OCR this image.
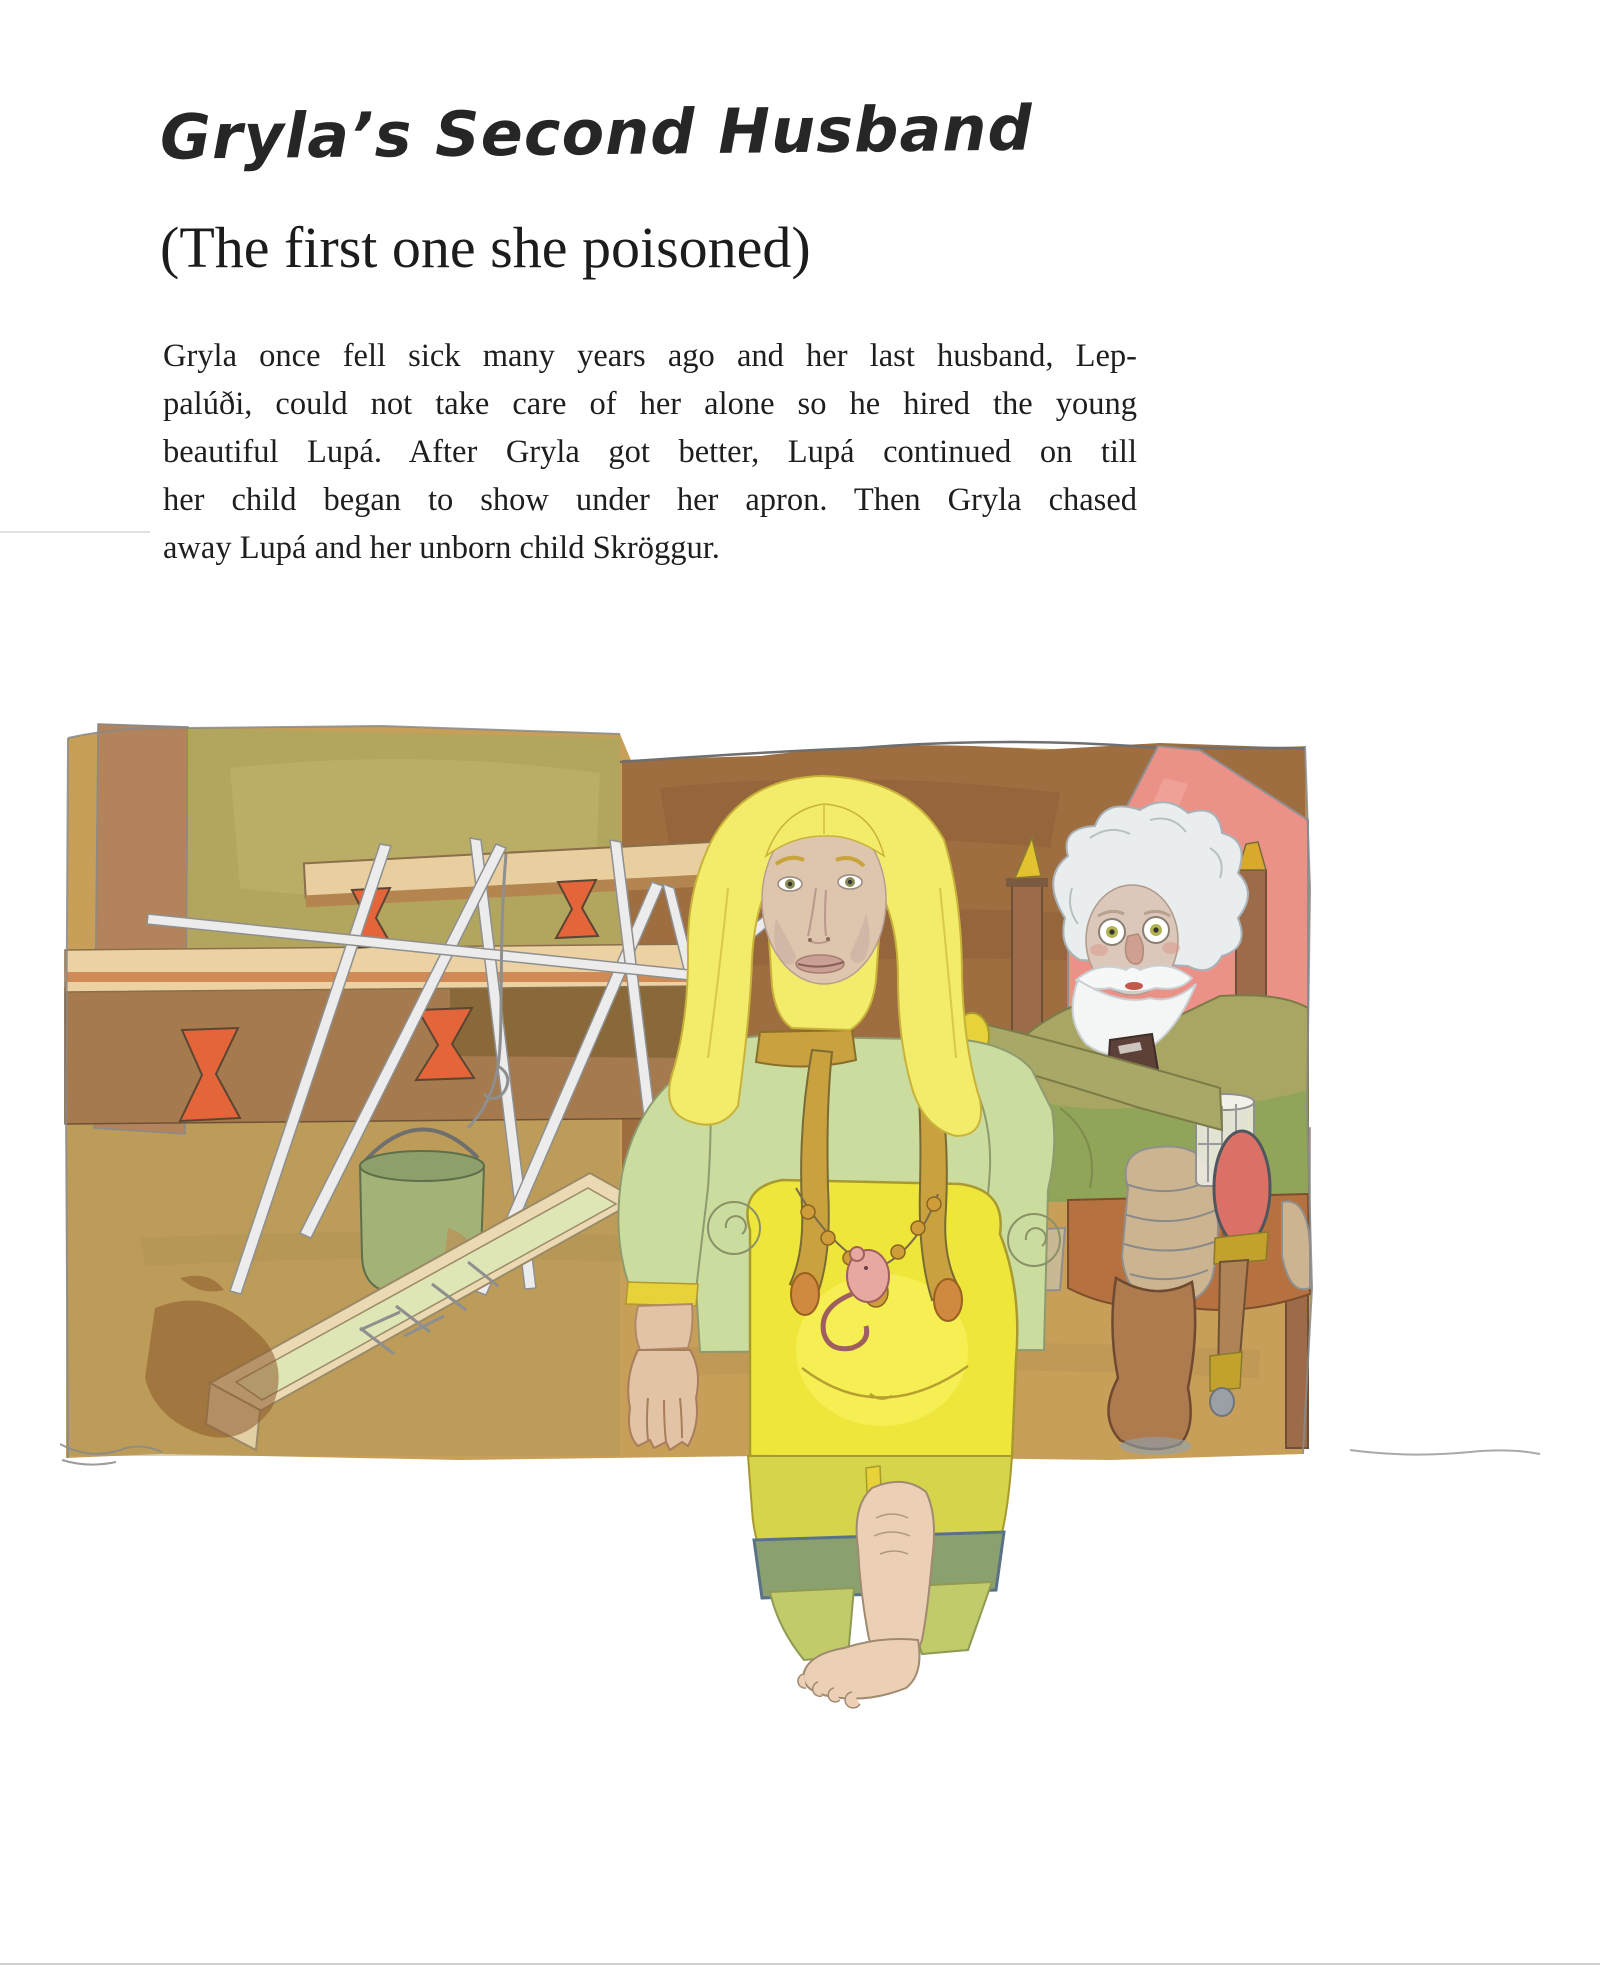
Gryla’s Second Husband
(The first one she poisoned)
Gryla once fell sick many years ago and her last husband, Lep-
palúði, could not take care of her alone so he hired the young
beautiful Lupá. After Gryla got better, Lupá continued on till
her child began to show under her apron. Then Gryla chased
away Lupá and her unborn child Skröggur.
